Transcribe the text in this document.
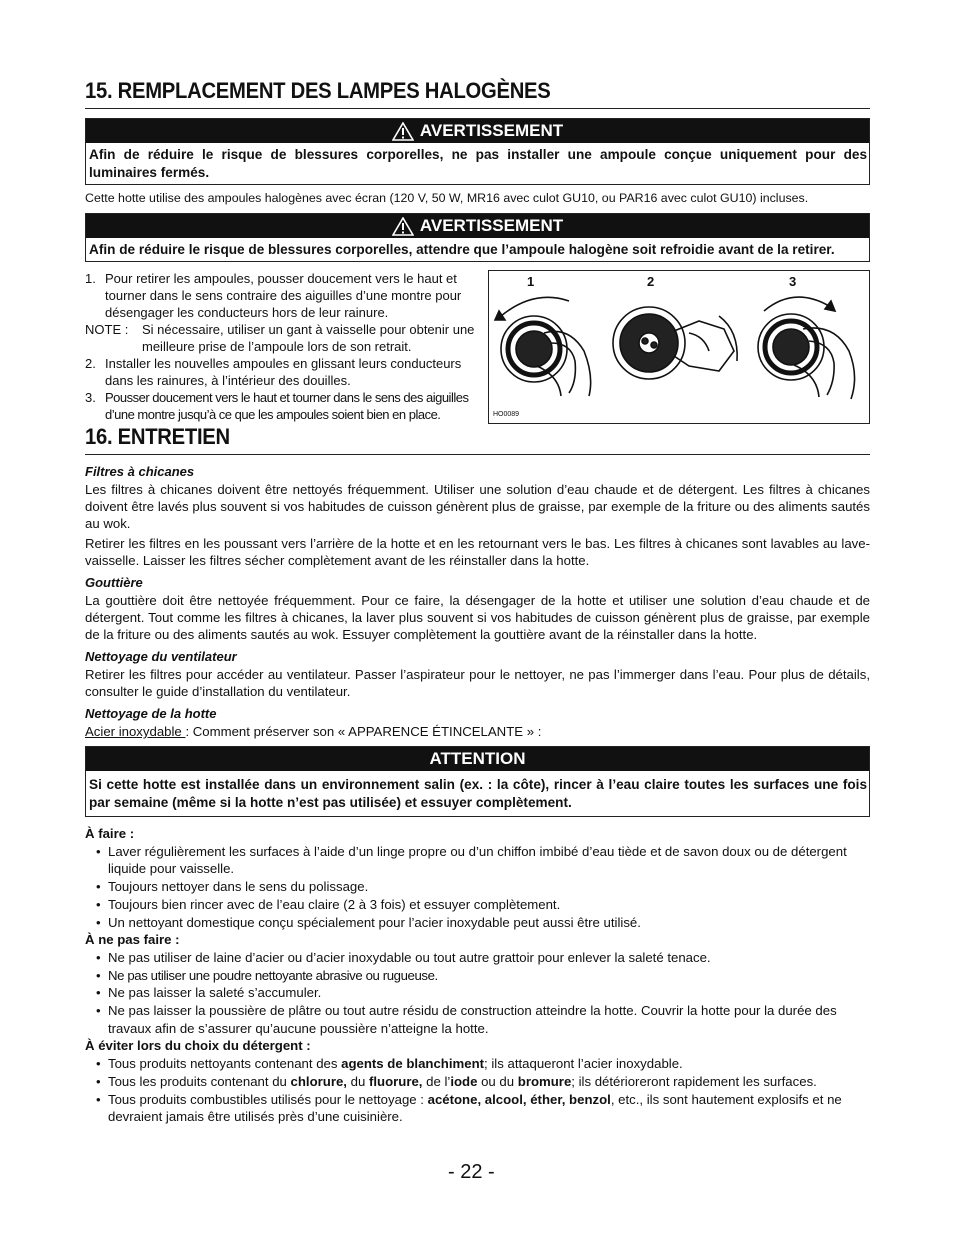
15. REMPLACEMENT DES LAMPES HALOGÈNES
AVERTISSEMENT
Afin de réduire le risque de blessures corporelles, ne pas installer une ampoule conçue uniquement pour des luminaires fermés.

Cette hotte utilise des ampoules halogènes avec écran (120 V, 50 W, MR16 avec culot GU10, ou PAR16 avec culot GU10) incluses.

AVERTISSEMENT
Afin de réduire le risque de blessures corporelles, attendre que l’ampoule halogène soit refroidie avant de la retirer.
1. Pour retirer les ampoules, pousser doucement vers le haut et tourner dans le sens contraire des aiguilles d’une montre pour désengager les conducteurs hors de leur rainure.
NOTE :	Si nécessaire, utiliser un gant à vaisselle pour obtenir une meilleure prise de l’ampoule lors de son retrait.
2. Installer les nouvelles ampoules en glissant leurs conducteurs dans les rainures, à l’intérieur des douilles.
3. Pousser doucement vers le haut et tourner dans le sens des aiguilles d’une montre jusqu’à ce que les ampoules soient bien en place.
1	2	3
HO0089
16. ENTRETIEN
Filtres à chicanes

Les filtres à chicanes doivent être nettoyés fréquemment. Utiliser une solution d’eau chaude et de détergent. Les filtres à chicanes doivent être lavés plus souvent si vos habitudes de cuisson génèrent plus de graisse, par exemple de la friture ou des aliments sautés au wok.

Retirer les filtres en les poussant vers l’arrière de la hotte et en les retournant vers le bas. Les filtres à chicanes sont lavables au lave-vaisselle. Laisser les filtres sécher complètement avant de les réinstaller dans la hotte.

Gouttière

La gouttière doit être nettoyée fréquemment. Pour ce faire, la désengager de la hotte et utiliser une solution d’eau chaude et de détergent. Tout comme les filtres à chicanes, la laver plus souvent si vos habitudes de cuisson génèrent plus de graisse, par exemple de la friture ou des aliments sautés au wok. Essuyer complètement la gouttière avant de la réinstaller dans la hotte.

Nettoyage du ventilateur

Retirer les filtres pour accéder au ventilateur. Passer l’aspirateur pour le nettoyer, ne pas l’immerger dans l’eau. Pour plus de détails, consulter le guide d’installation du ventilateur.

Nettoyage de la hotte

Acier inoxydable : Comment préserver son « APPARENCE ÉTINCELANTE » :

ATTENTION
Si cette hotte est installée dans un environnement salin (ex. : la côte), rincer à l’eau claire toutes les surfaces une fois par semaine (même si la hotte n’est pas utilisée) et essuyer complètement.
À faire :
• Laver régulièrement les surfaces à l’aide d’un linge propre ou d’un chiffon imbibé d’eau tiède et de savon doux ou de détergent liquide pour vaisselle.
• Toujours nettoyer dans le sens du polissage.
• Toujours bien rincer avec de l’eau claire (2 à 3 fois) et essuyer complètement.
• Un nettoyant domestique conçu spécialement pour l’acier inoxydable peut aussi être utilisé.
À ne pas faire :
• Ne pas utiliser de laine d’acier ou d’acier inoxydable ou tout autre grattoir pour enlever la saleté tenace.
• Ne pas utiliser une poudre nettoyante abrasive ou rugueuse.
• Ne pas laisser la saleté s’accumuler.
• Ne pas laisser la poussière de plâtre ou tout autre résidu de construction atteindre la hotte. Couvrir la hotte pour la durée des travaux afin de s’assurer qu’aucune poussière n’atteigne la hotte.
À éviter lors du choix du détergent :
• Tous produits nettoyants contenant des agents de blanchiment; ils attaqueront l’acier inoxydable.
• Tous les produits contenant du chlorure, du fluorure, de l’iode ou du bromure; ils détérioreront rapidement les surfaces.
• Tous produits combustibles utilisés pour le nettoyage : acétone, alcool, éther, benzol, etc., ils sont hautement explosifs et ne devraient jamais être utilisés près d’une cuisinière.
- 22 -
